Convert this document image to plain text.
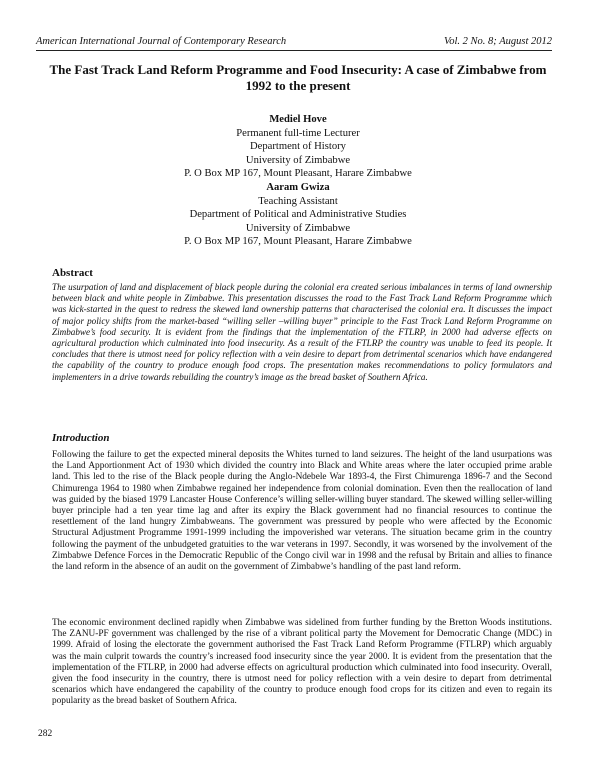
American International Journal of Contemporary Research	Vol. 2 No. 8; August 2012
The Fast Track Land Reform Programme and Food Insecurity: A case of Zimbabwe from 1992 to the present
Mediel Hove
Permanent full-time Lecturer
Department of History
University of Zimbabwe
P. O Box MP 167, Mount Pleasant, Harare Zimbabwe
Aaram Gwiza
Teaching Assistant
Department of Political and Administrative Studies
University of Zimbabwe
P. O Box MP 167, Mount Pleasant, Harare Zimbabwe
Abstract
The usurpation of land and displacement of black people during the colonial era created serious imbalances in terms of land ownership between black and white people in Zimbabwe. This presentation discusses the road to the Fast Track Land Reform Programme which was kick-started in the quest to redress the skewed land ownership patterns that characterised the colonial era. It discusses the impact of major policy shifts from the market-based “willing seller –willing buyer” principle to the Fast Track Land Reform Programme on Zimbabwe’s food security. It is evident from the findings that the implementation of the FTLRP, in 2000 had adverse effects on agricultural production which culminated into food insecurity. As a result of the FTLRP the country was unable to feed its people. It concludes that there is utmost need for policy reflection with a vein desire to depart from detrimental scenarios which have endangered the capability of the country to produce enough food crops. The presentation makes recommendations to policy formulators and implementers in a drive towards rebuilding the country’s image as the bread basket of Southern Africa.
Introduction
Following the failure to get the expected mineral deposits the Whites turned to land seizures. The height of the land usurpations was the Land Apportionment Act of 1930 which divided the country into Black and White areas where the later occupied prime arable land. This led to the rise of the Black people during the Anglo-Ndebele War 1893-4, the First Chimurenga 1896-7 and the Second Chimurenga 1964 to 1980 when Zimbabwe regained her independence from colonial domination. Even then the reallocation of land was guided by the biased 1979 Lancaster House Conference’s willing seller-willing buyer standard. The skewed willing seller-willing buyer principle had a ten year time lag and after its expiry the Black government had no financial resources to continue the resettlement of the land hungry Zimbabweans. The government was pressured by people who were affected by the Economic Structural Adjustment Programme 1991-1999 including the impoverished war veterans. The situation became grim in the country following the payment of the unbudgeted gratuities to the war veterans in 1997. Secondly, it was worsened by the involvement of the Zimbabwe Defence Forces in the Democratic Republic of the Congo civil war in 1998 and the refusal by Britain and allies to finance the land reform in the absence of an audit on the government of Zimbabwe’s handling of the past land reform.
The economic environment declined rapidly when Zimbabwe was sidelined from further funding by the Bretton Woods institutions. The ZANU-PF government was challenged by the rise of a vibrant political party the Movement for Democratic Change (MDC) in 1999. Afraid of losing the electorate the government authorised the Fast Track Land Reform Programme (FTLRP) which arguably was the main culprit towards the country’s increased food insecurity since the year 2000. It is evident from the presentation that the implementation of the FTLRP, in 2000 had adverse effects on agricultural production which culminated into food insecurity. Overall, given the food insecurity in the country, there is utmost need for policy reflection with a vein desire to depart from detrimental scenarios which have endangered the capability of the country to produce enough food crops for its citizen and even to regain its popularity as the bread basket of Southern Africa.
282
